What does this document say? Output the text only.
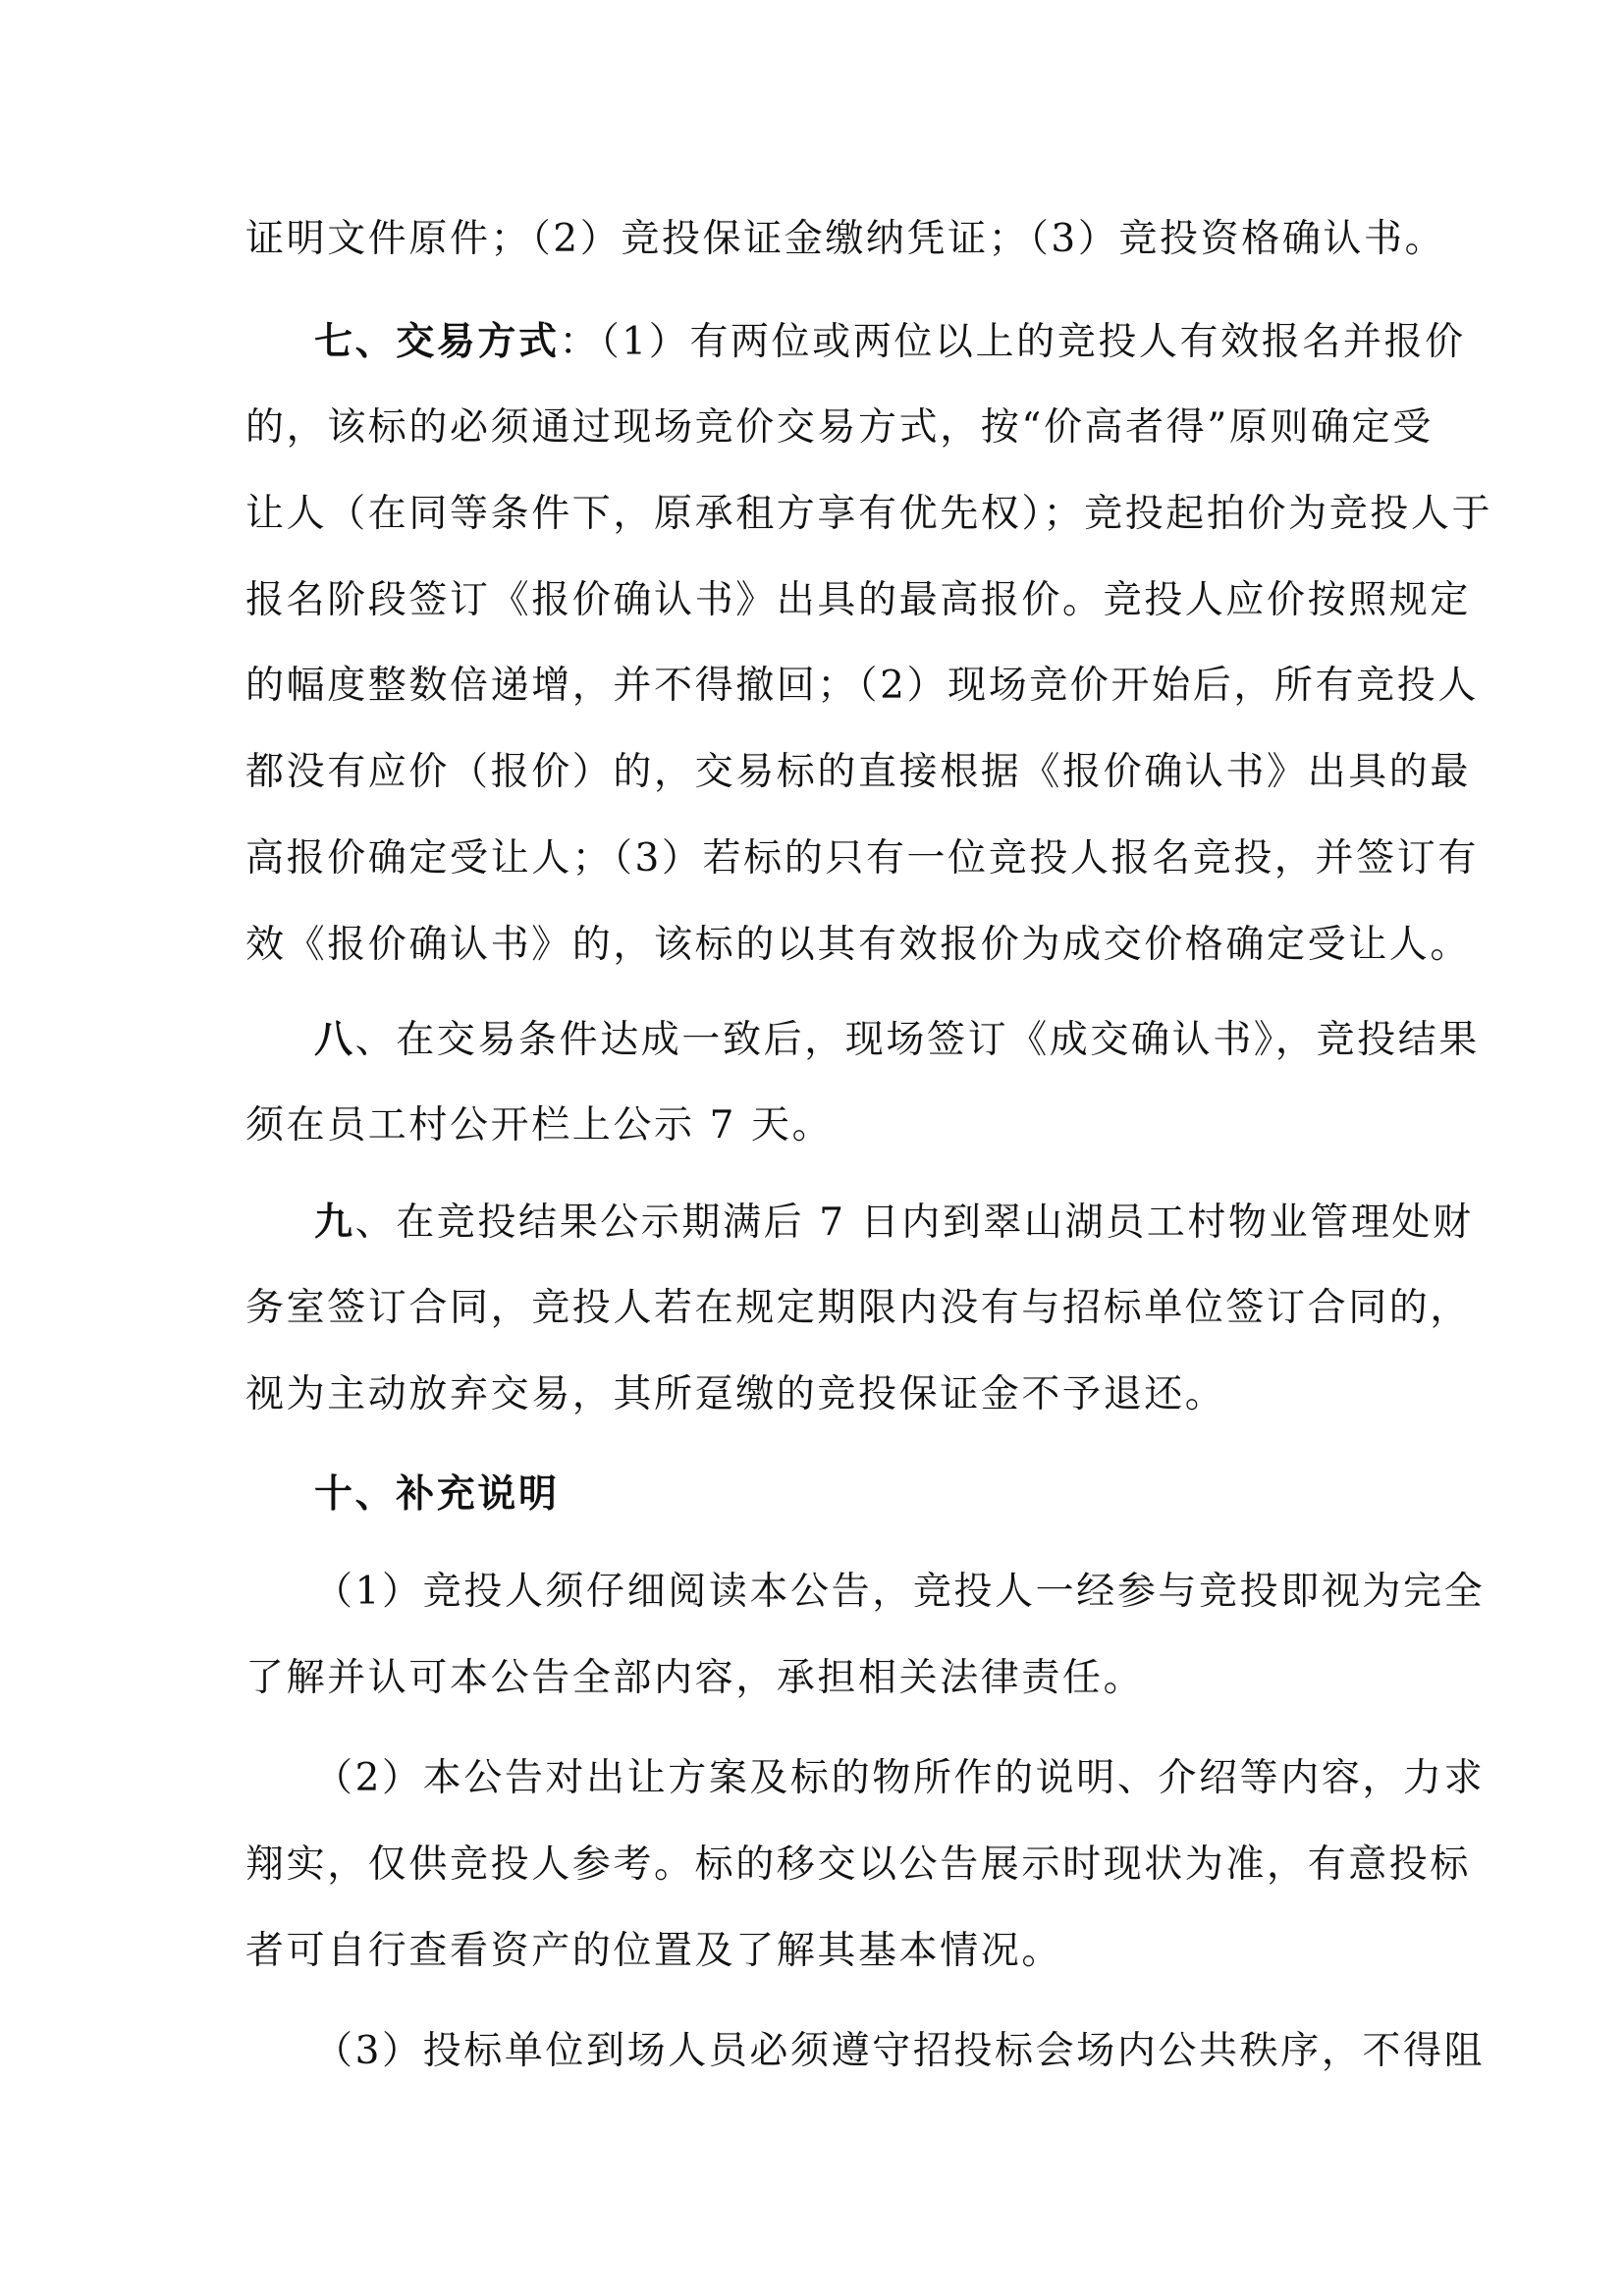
证明文件原件；（2）竞投保证金缴纳凭证；（3）竞投资格确认书。
七、交易方式：（1）有两位或两位以上的竞投人有效报名并报价
的，该标的必须通过现场竞价交易方式，按“价高者得”原则确定受
让人（在同等条件下，原承租方享有优先权）；竞投起拍价为竞投人于
报名阶段签订《报价确认书》出具的最高报价。竞投人应价按照规定
的幅度整数倍递增，并不得撤回；（2）现场竞价开始后，所有竞投人
都没有应价（报价）的，交易标的直接根据《报价确认书》出具的最
高报价确定受让人；（3）若标的只有一位竞投人报名竞投，并签订有
效《报价确认书》的，该标的以其有效报价为成交价格确定受让人。
八、在交易条件达成一致后，现场签订《成交确认书》，竞投结果
须在员工村公开栏上公示 7 天。
九、在竞投结果公示期满后 7 日内到翠山湖员工村物业管理处财
务室签订合同，竞投人若在规定期限内没有与招标单位签订合同的，
视为主动放弃交易，其所趸缴的竞投保证金不予退还。
十、补充说明
（1）竞投人须仔细阅读本公告，竞投人一经参与竞投即视为完全
了解并认可本公告全部内容，承担相关法律责任。
（2）本公告对出让方案及标的物所作的说明、介绍等内容，力求
翔实，仅供竞投人参考。标的移交以公告展示时现状为准，有意投标
者可自行查看资产的位置及了解其基本情况。
（3）投标单位到场人员必须遵守招投标会场内公共秩序，不得阻
